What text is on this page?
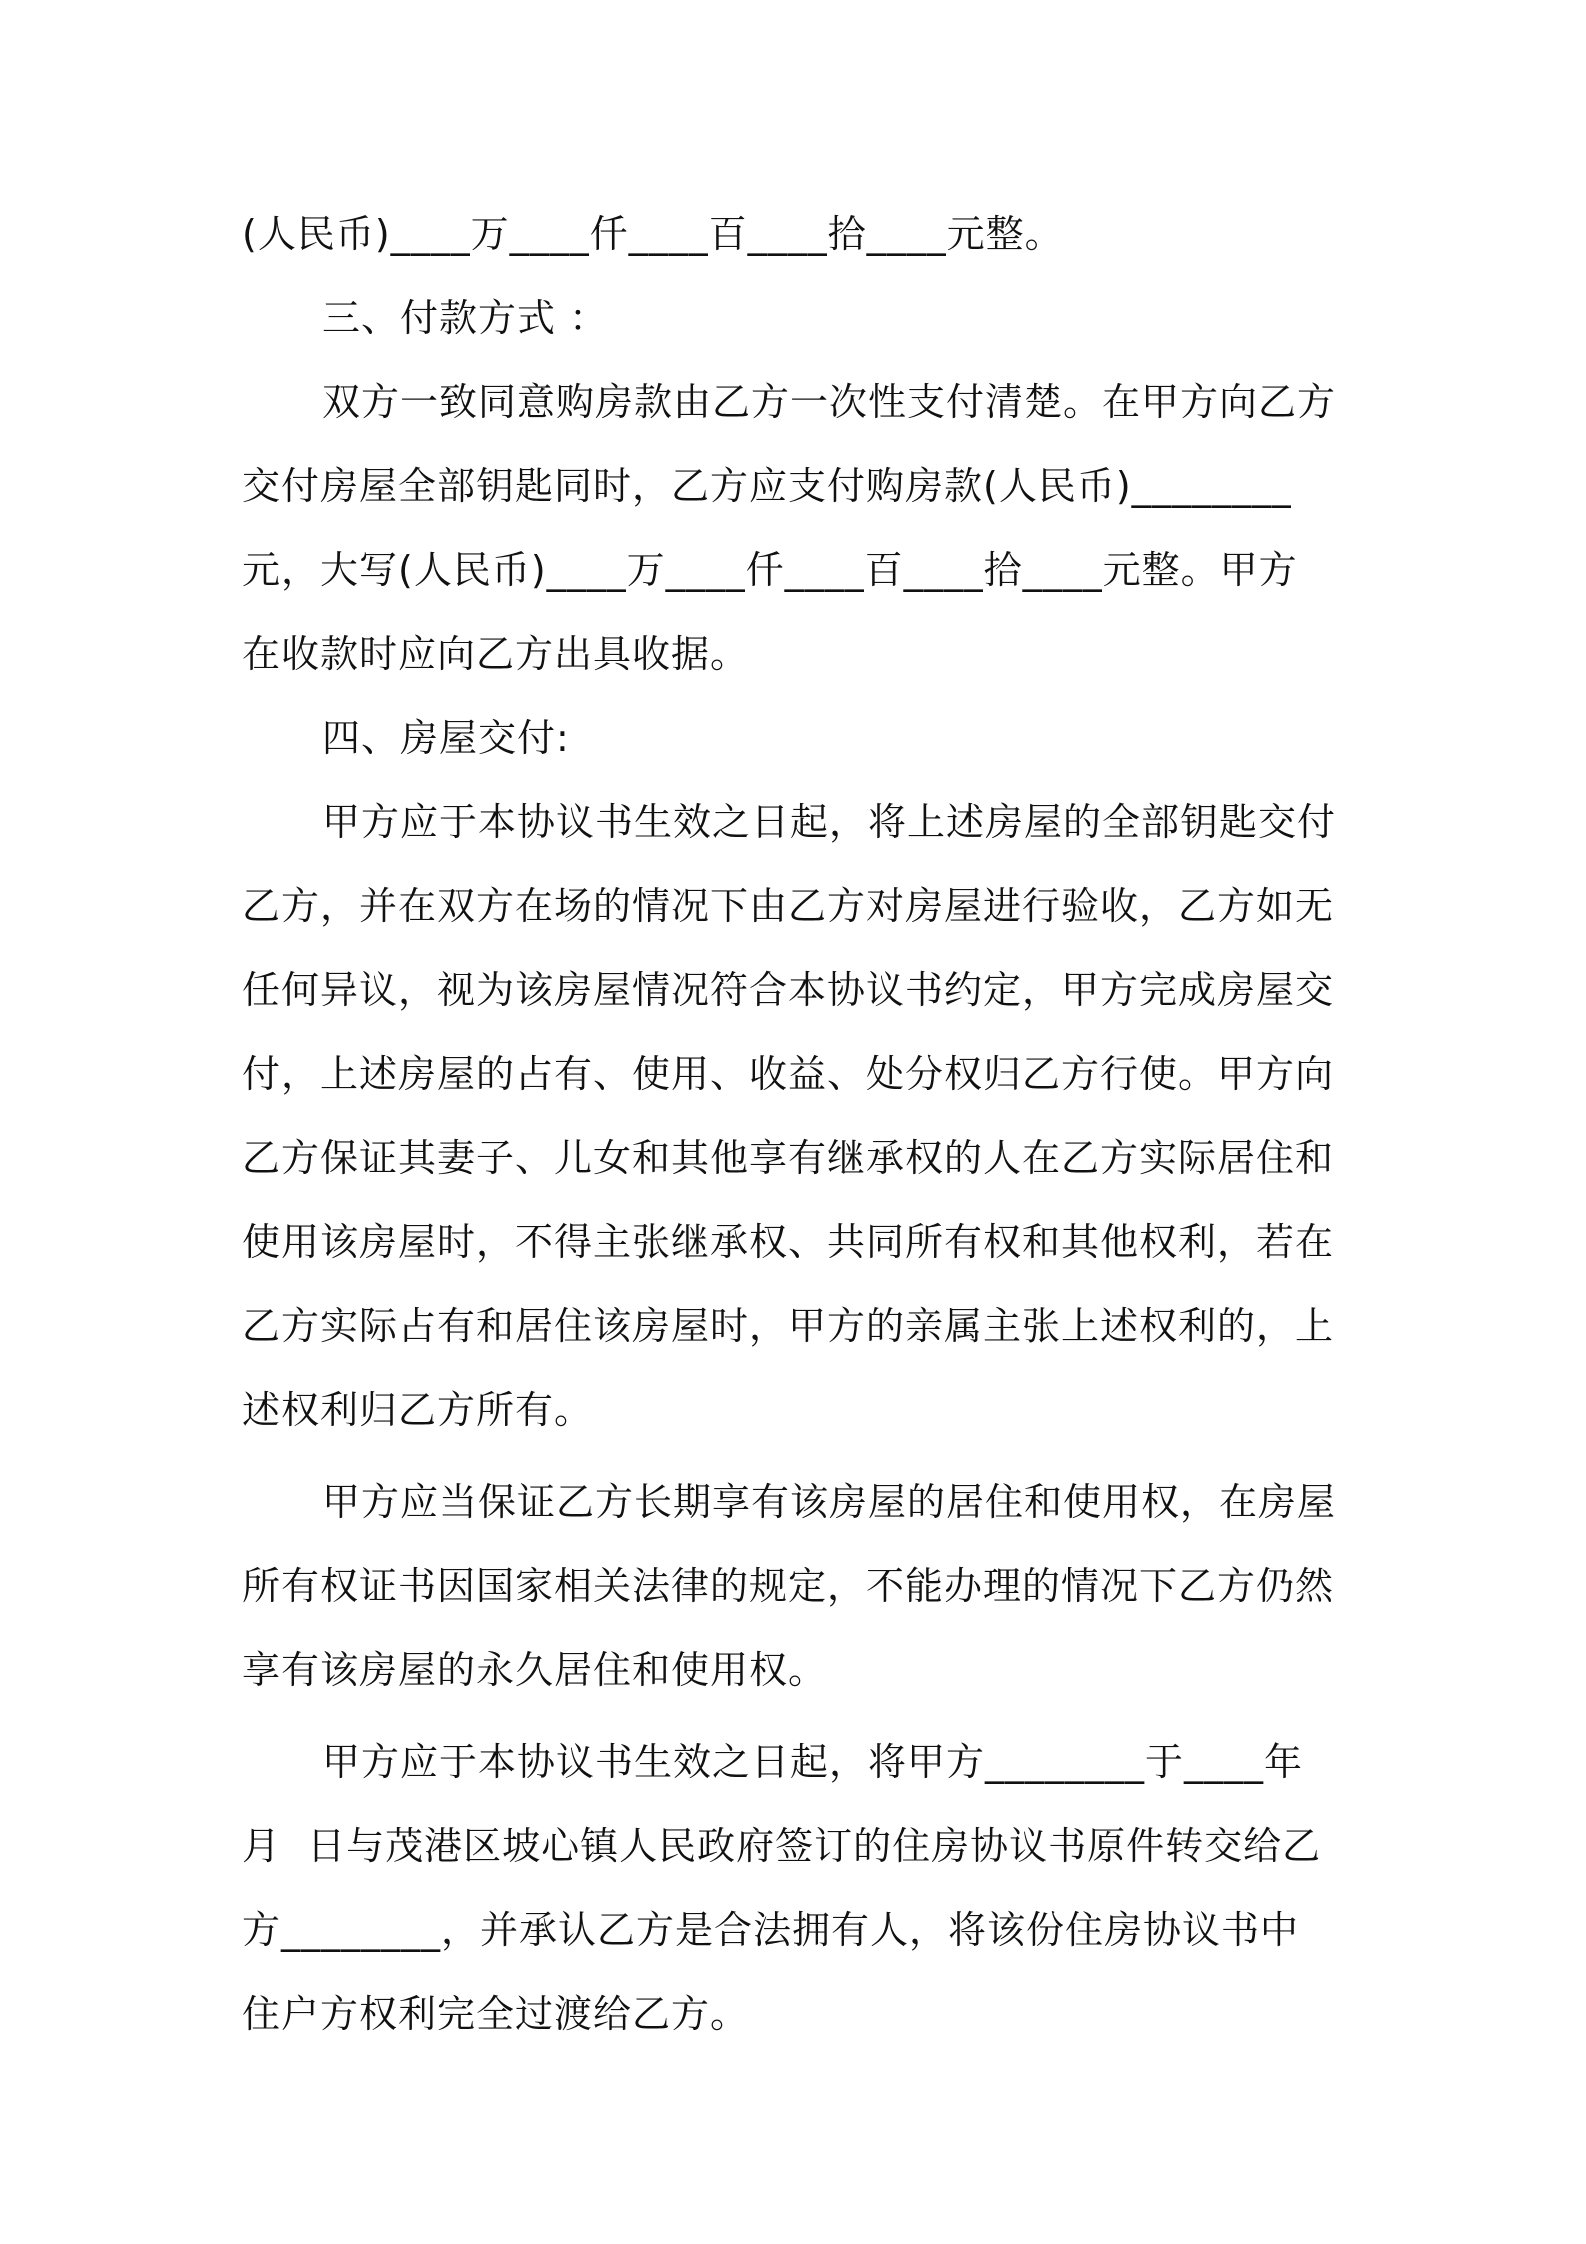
(人民币)____万____仟____百____拾____元整。
三、付款方式 ：
双方一致同意购房款由乙方一次性支付清楚。在甲方向乙方
交付房屋全部钥匙同时，乙方应支付购房款(人民币)________
元，大写(人民币)____万____仟____百____拾____元整。甲方
在收款时应向乙方出具收据。
四、房屋交付:
甲方应于本协议书生效之日起，将上述房屋的全部钥匙交付
乙方，并在双方在场的情况下由乙方对房屋进行验收，乙方如无
任何异议，视为该房屋情况符合本协议书约定，甲方完成房屋交
付，上述房屋的占有、使用、收益、处分权归乙方行使。甲方向
乙方保证其妻子、儿女和其他享有继承权的人在乙方实际居住和
使用该房屋时，不得主张继承权、共同所有权和其他权利，若在
乙方实际占有和居住该房屋时，甲方的亲属主张上述权利的，上
述权利归乙方所有。
甲方应当保证乙方长期享有该房屋的居住和使用权，在房屋
所有权证书因国家相关法律的规定，不能办理的情况下乙方仍然
享有该房屋的永久居住和使用权。
甲方应于本协议书生效之日起，将甲方________于____年
月  日与茂港区坡心镇人民政府签订的住房协议书原件转交给乙
方________，并承认乙方是合法拥有人，将该份住房协议书中
住户方权利完全过渡给乙方。
